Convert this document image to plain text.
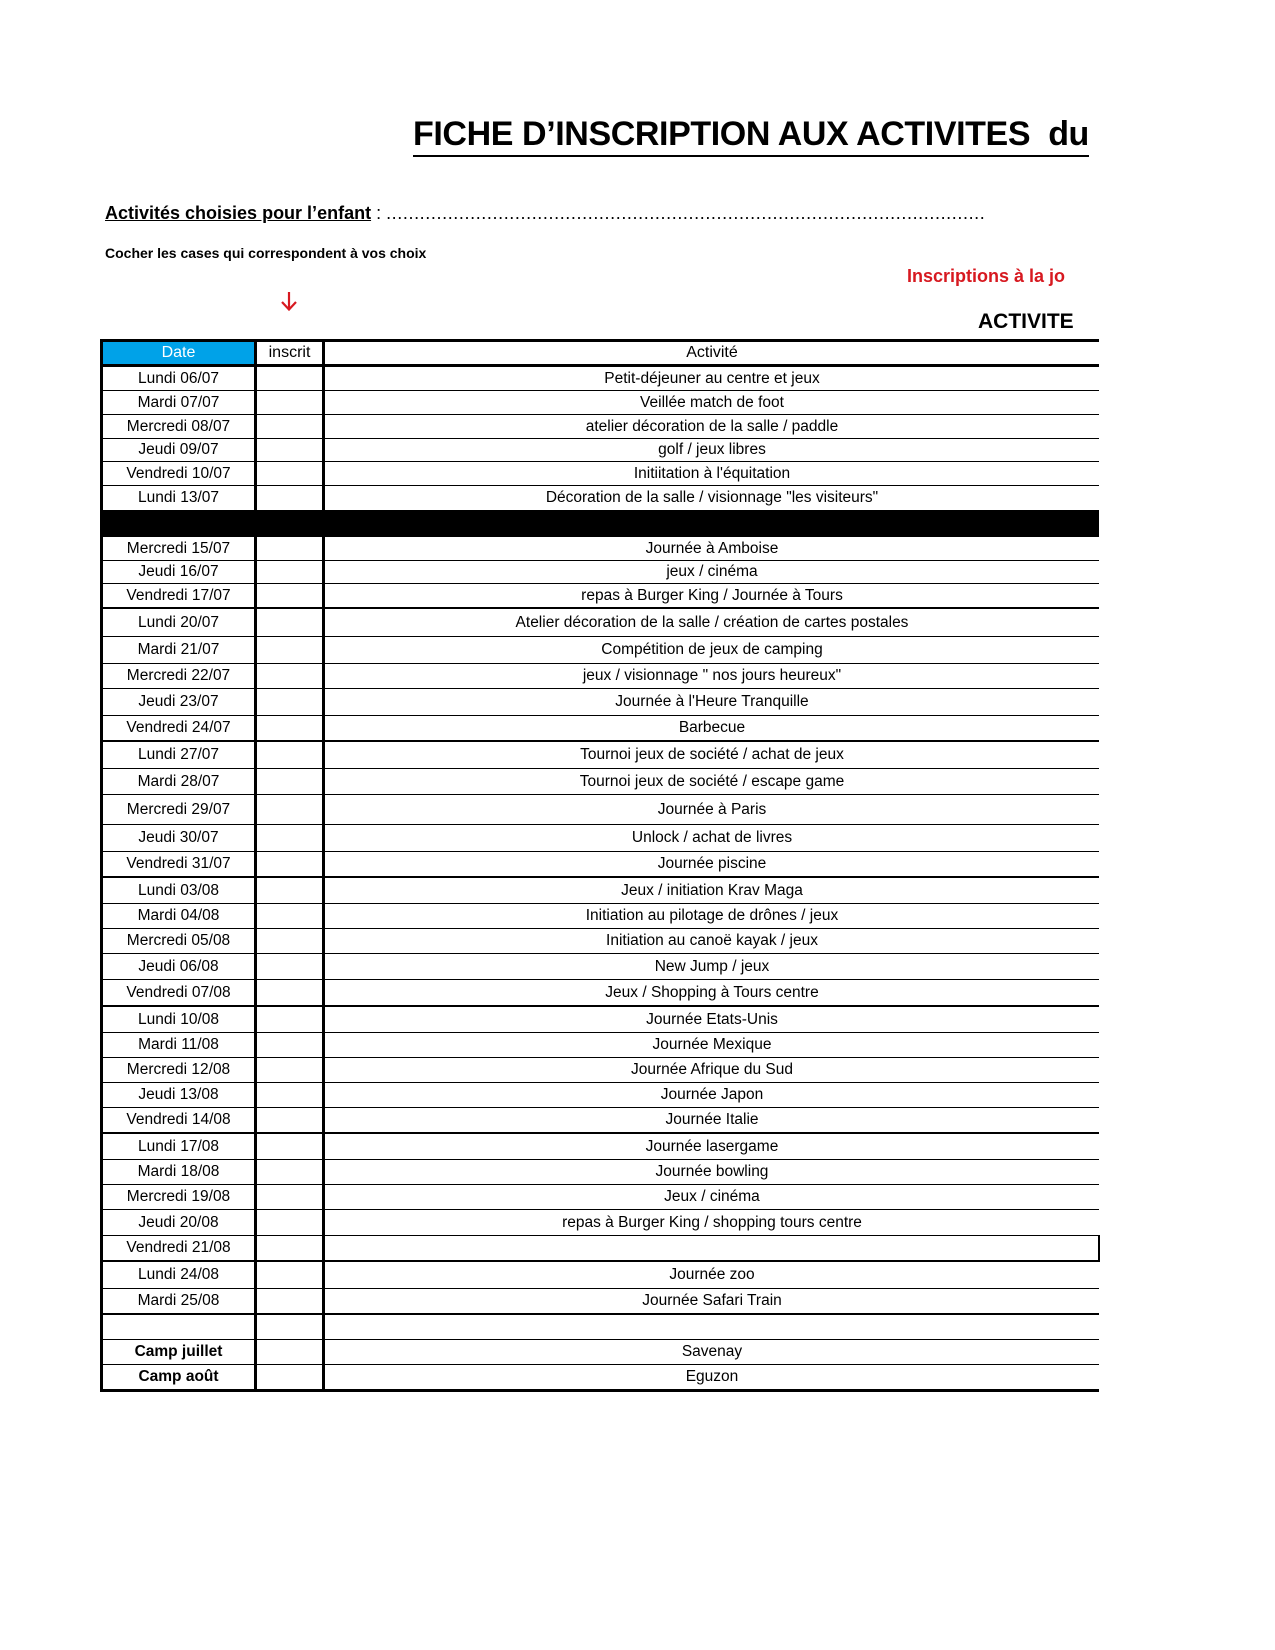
FICHE D’INSCRIPTION AUX ACTIVITES  du
Activités choisies pour l’enfant : ...........................................................................................................
Cocher les cases qui correspondent à vos choix
Inscriptions à la jo
ACTIVITE
Date	inscrit	Activité
Lundi 06/07		Petit-déjeuner au centre et jeux
Mardi 07/07		Veillée match de foot
Mercredi 08/07		atelier décoration de la salle / paddle
Jeudi 09/07		golf / jeux libres
Vendredi 10/07		Initiitation à l'équitation
Lundi 13/07		Décoration de la salle / visionnage "les visiteurs"

Mercredi 15/07		Journée à Amboise
Jeudi 16/07		jeux / cinéma
Vendredi 17/07		repas à Burger King / Journée à Tours
Lundi 20/07		Atelier décoration de la salle / création de cartes postales
Mardi 21/07		Compétition de jeux de camping
Mercredi 22/07		jeux / visionnage " nos jours heureux"
Jeudi 23/07		Journée à l'Heure Tranquille
Vendredi 24/07		Barbecue
Lundi 27/07		Tournoi jeux de société / achat de jeux
Mardi 28/07		Tournoi jeux de société / escape game
Mercredi 29/07		Journée à Paris
Jeudi 30/07		Unlock / achat de livres
Vendredi 31/07		Journée piscine
Lundi 03/08		Jeux / initiation Krav Maga
Mardi 04/08		Initiation au pilotage de drônes / jeux
Mercredi 05/08		Initiation au canoë kayak / jeux
Jeudi 06/08		New Jump / jeux
Vendredi 07/08		Jeux / Shopping à Tours centre
Lundi 10/08		Journée Etats-Unis
Mardi 11/08		Journée Mexique
Mercredi 12/08		Journée Afrique du Sud
Jeudi 13/08		Journée Japon
Vendredi 14/08		Journée Italie
Lundi 17/08		Journée lasergame
Mardi 18/08		Journée bowling
Mercredi 19/08		Jeux / cinéma
Jeudi 20/08		repas à Burger King / shopping tours centre
Vendredi 21/08		
Lundi 24/08		Journée zoo
Mardi 25/08		Journée Safari Train

Camp juillet		Savenay
Camp août		Eguzon
